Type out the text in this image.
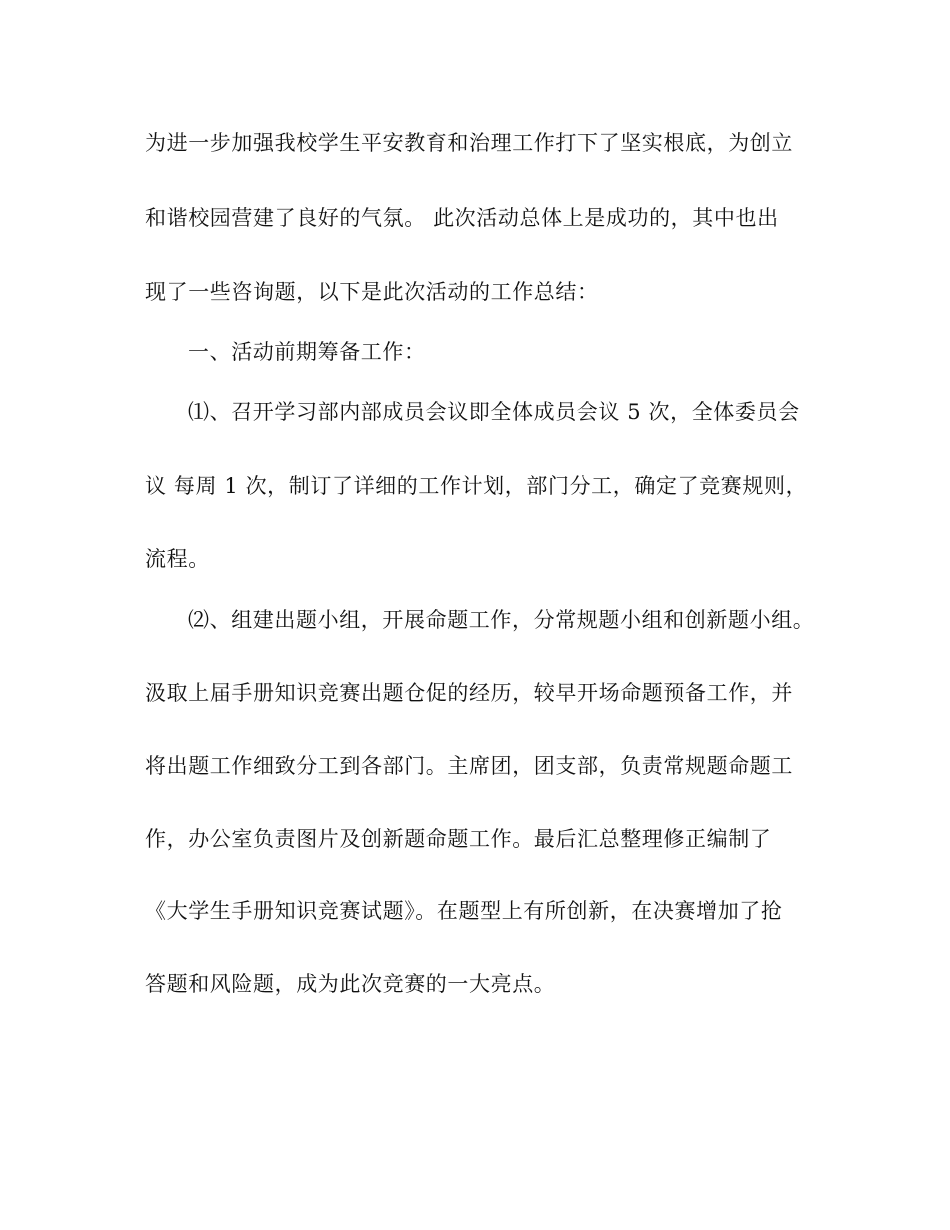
为进一步加强我校学生平安教育和治理工作打下了坚实根底，为创立
和谐校园营建了良好的气氛。 此次活动总体上是成功的，其中也出
现了一些咨询题，以下是此次活动的工作总结：
一、活动前期筹备工作：
⑴、召开学习部内部成员会议即全体成员会议 5 次，全体委员会
议 每周 1 次，制订了详细的工作计划，部门分工，确定了竞赛规则，
流程。
⑵、组建出题小组，开展命题工作，分常规题小组和创新题小组。
汲取上届手册知识竞赛出题仓促的经历，较早开场命题预备工作，并
将出题工作细致分工到各部门。主席团，团支部，负责常规题命题工
作，办公室负责图片及创新题命题工作。最后汇总整理修正编制了
《大学生手册知识竞赛试题》。在题型上有所创新，在决赛增加了抢
答题和风险题，成为此次竞赛的一大亮点。
